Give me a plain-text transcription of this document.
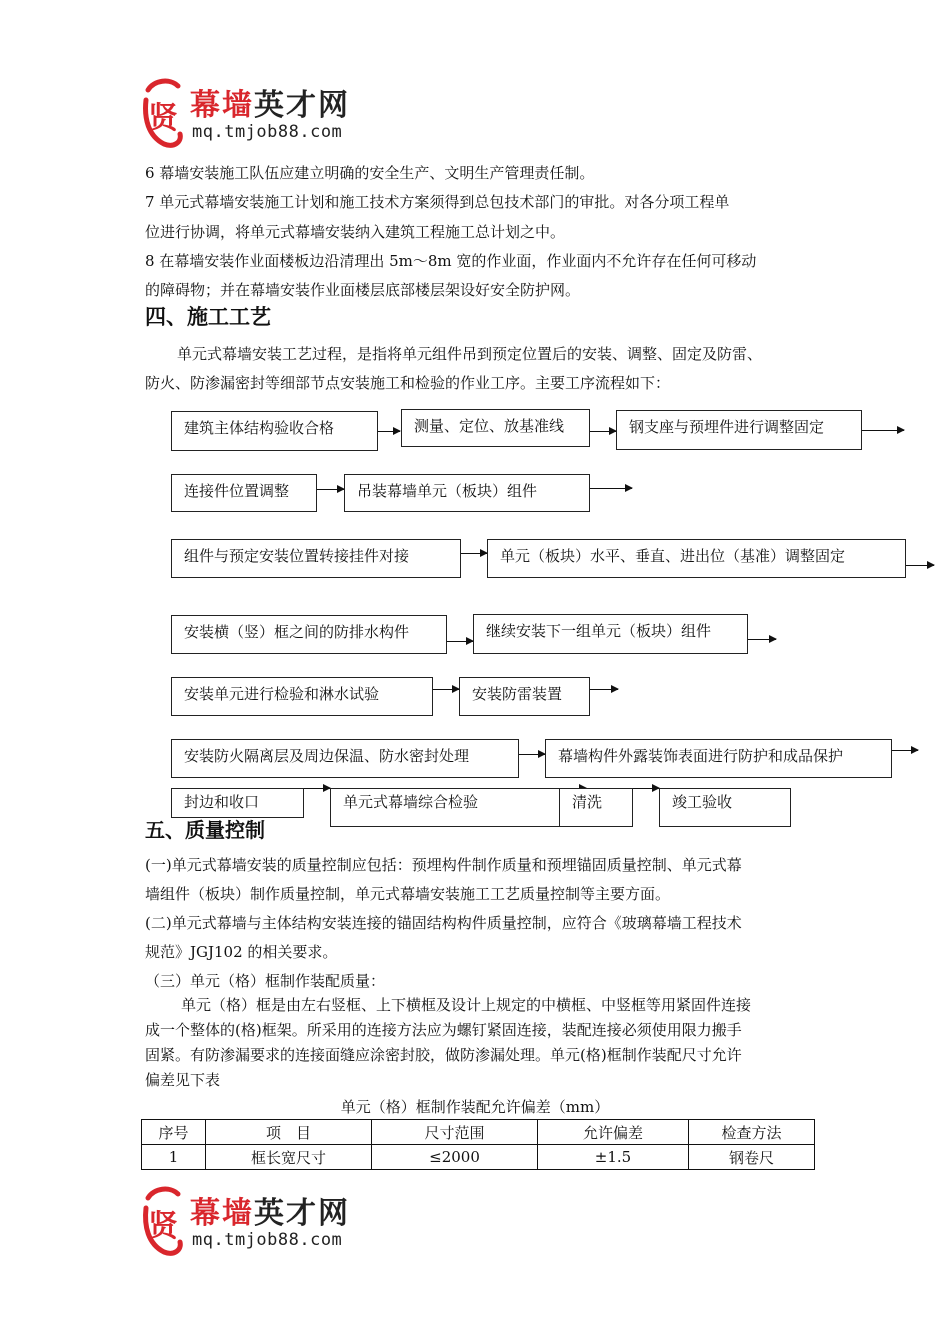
贤 幕墙英才网
mq.tmjob88.com
6 幕墙安装施工队伍应建立明确的安全生产、文明生产管理责任制。
7 单元式幕墙安装施工计划和施工技术方案须得到总包技术部门的审批。对各分项工程单
位进行协调，将单元式幕墙安装纳入建筑工程施工总计划之中。
8 在幕墙安装作业面楼板边沿清理出 5m～8m 宽的作业面，作业面内不允许存在任何可移动
的障碍物；并在幕墙安装作业面楼层底部楼层架设好安全防护网。
四、施工工艺
单元式幕墙安装工艺过程，是指将单元组件吊到预定位置后的安装、调整、固定及防雷、
防火、防渗漏密封等细部节点安装施工和检验的作业工序。主要工序流程如下：
建筑主体结构验收合格	测量、定位、放基准线	钢支座与预埋件进行调整固定
连接件位置调整	吊装幕墙单元（板块）组件
组件与预定安装位置转接挂件对接	单元（板块）水平、垂直、进出位（基准）调整固定
安装横（竖）框之间的防排水构件	继续安装下一组单元（板块）组件
安装单元进行检验和淋水试验	安装防雷装置
安装防火隔离层及周边保温、防水密封处理	幕墙构件外露装饰表面进行防护和成品保护
五、质量控制
封边和收口	单元式幕墙综合检验	清洗	竣工验收
(一)单元式幕墙安装的质量控制应包括：预埋构件制作质量和预埋锚固质量控制、单元式幕
墙组件（板块）制作质量控制，单元式幕墙安装施工工艺质量控制等主要方面。
(二)单元式幕墙与主体结构安装连接的锚固结构构件质量控制，应符合《玻璃幕墙工程技术
规范》JGJ102 的相关要求。
（三）单元（格）框制作装配质量：
单元（格）框是由左右竖框、上下横框及设计上规定的中横框、中竖框等用紧固件连接
成一个整体的(格)框架。所采用的连接方法应为螺钉紧固连接，装配连接必须使用限力搬手
固紧。有防渗漏要求的连接面缝应涂密封胶，做防渗漏处理。单元(格)框制作装配尺寸允许
偏差见下表
单元（格）框制作装配允许偏差（mm）
序号	项　目	尺寸范围	允许偏差	检查方法
1	框长宽尺寸	≤2000	±1.5	钢卷尺
贤 幕墙英才网
mq.tmjob88.com
